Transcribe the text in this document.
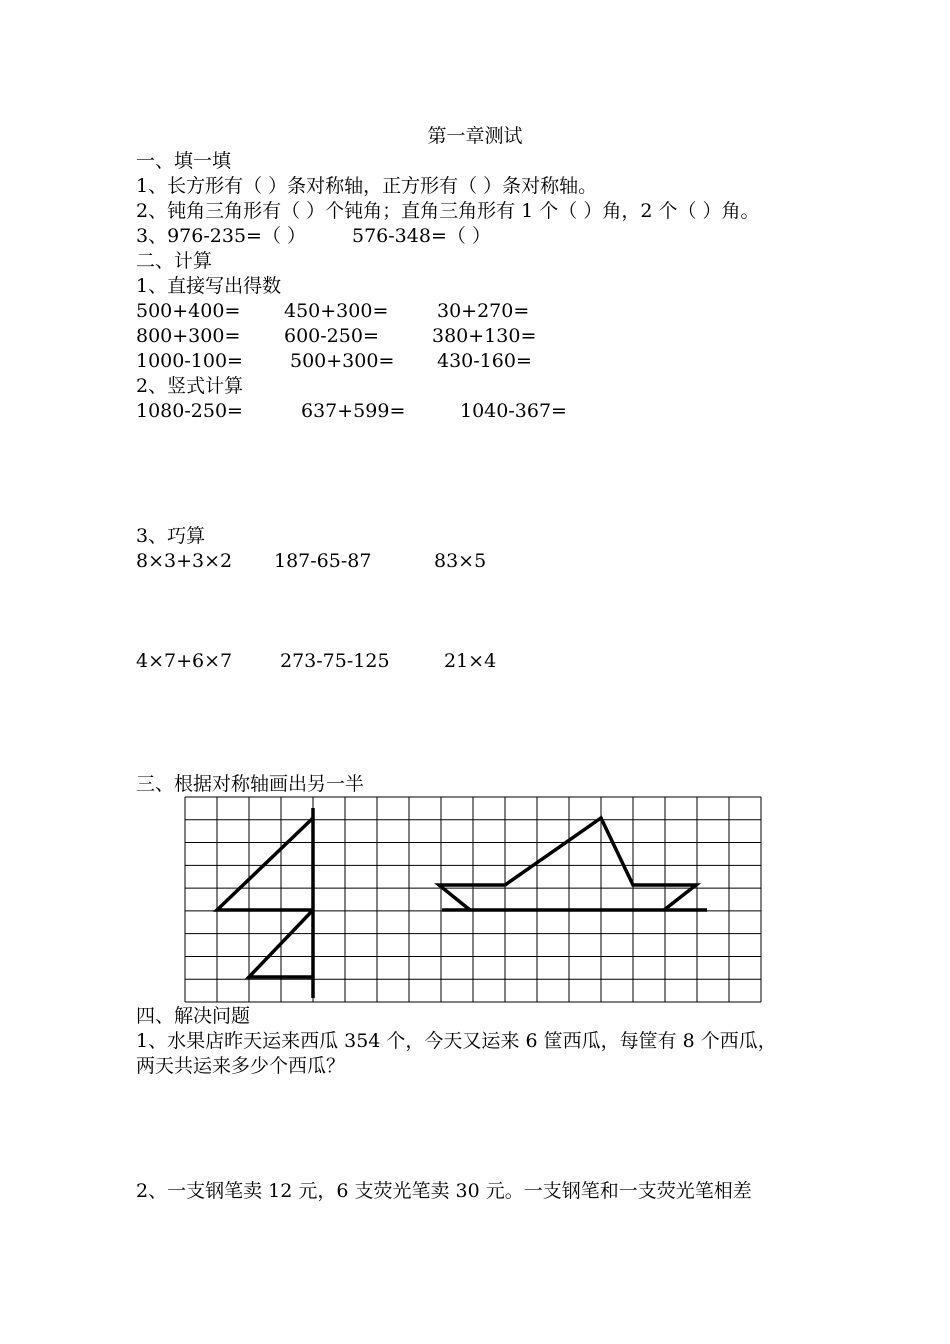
第一章测试
一、填一填
1、长方形有（ ）条对称轴，正方形有（ ）条对称轴。
2、钝角三角形有（ ）个钝角；直角三角形有 1 个（ ）角，2 个（ ）角。
3、976-235=（ ） 576-348=（ ）
二、计算
1、直接写出得数
500+400= 450+300=	30+270=
800+300= 600-250=	380+130=
1000-100= 500+300= 430-160=
2、竖式计算
1080-250=	637+599=	1040-367=
3、巧算
8×3+3×2 187-65-87	83×5
4×7+6×7	273-75-125	21×4
三、根据对称轴画出另一半
四、解决问题
1、水果店昨天运来西瓜 354 个，今天又运来 6 筐西瓜，每筐有 8 个西瓜，
两天共运来多少个西瓜？
2、一支钢笔卖 12 元，6 支荧光笔卖 30 元。一支钢笔和一支荧光笔相差
